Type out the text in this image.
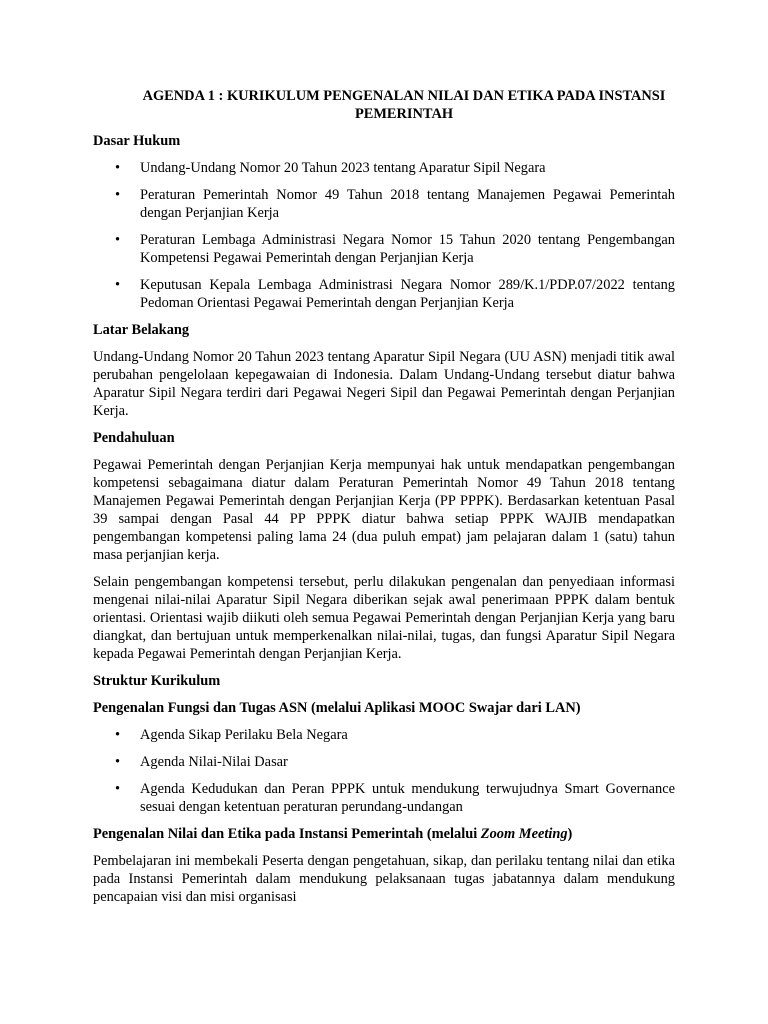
AGENDA 1 : KURIKULUM PENGENALAN NILAI DAN ETIKA PADA INSTANSI PEMERINTAH
Dasar Hukum
• Undang-Undang Nomor 20 Tahun 2023 tentang Aparatur Sipil Negara
• Peraturan Pemerintah Nomor 49 Tahun 2018 tentang Manajemen Pegawai Pemerintah dengan Perjanjian Kerja
• Peraturan Lembaga Administrasi Negara Nomor 15 Tahun 2020 tentang Pengembangan Kompetensi Pegawai Pemerintah dengan Perjanjian Kerja
• Keputusan Kepala Lembaga Administrasi Negara Nomor 289/K.1/PDP.07/2022 tentang Pedoman Orientasi Pegawai Pemerintah dengan Perjanjian Kerja
Latar Belakang
Undang-Undang Nomor 20 Tahun 2023 tentang Aparatur Sipil Negara (UU ASN) menjadi titik awal perubahan pengelolaan kepegawaian di Indonesia. Dalam Undang-Undang tersebut diatur bahwa Aparatur Sipil Negara terdiri dari Pegawai Negeri Sipil dan Pegawai Pemerintah dengan Perjanjian Kerja.
Pendahuluan
Pegawai Pemerintah dengan Perjanjian Kerja mempunyai hak untuk mendapatkan pengembangan kompetensi sebagaimana diatur dalam Peraturan Pemerintah Nomor 49 Tahun 2018 tentang Manajemen Pegawai Pemerintah dengan Perjanjian Kerja (PP PPPK). Berdasarkan ketentuan Pasal 39 sampai dengan Pasal 44 PP PPPK diatur bahwa setiap PPPK WAJIB mendapatkan pengembangan kompetensi paling lama 24 (dua puluh empat) jam pelajaran dalam 1 (satu) tahun masa perjanjian kerja.
Selain pengembangan kompetensi tersebut, perlu dilakukan pengenalan dan penyediaan informasi mengenai nilai-nilai Aparatur Sipil Negara diberikan sejak awal penerimaan PPPK dalam bentuk orientasi. Orientasi wajib diikuti oleh semua Pegawai Pemerintah dengan Perjanjian Kerja yang baru diangkat, dan bertujuan untuk memperkenalkan nilai-nilai, tugas, dan fungsi Aparatur Sipil Negara kepada Pegawai Pemerintah dengan Perjanjian Kerja.
Struktur Kurikulum
Pengenalan Fungsi dan Tugas ASN (melalui Aplikasi MOOC Swajar dari LAN)
• Agenda Sikap Perilaku Bela Negara
• Agenda Nilai-Nilai Dasar
• Agenda Kedudukan dan Peran PPPK untuk mendukung terwujudnya Smart Governance sesuai dengan ketentuan peraturan perundang-undangan
Pengenalan Nilai dan Etika pada Instansi Pemerintah (melalui Zoom Meeting)
Pembelajaran ini membekali Peserta dengan pengetahuan, sikap, dan perilaku tentang nilai dan etika pada Instansi Pemerintah dalam mendukung pelaksanaan tugas jabatannya dalam mendukung pencapaian visi dan misi organisasi
